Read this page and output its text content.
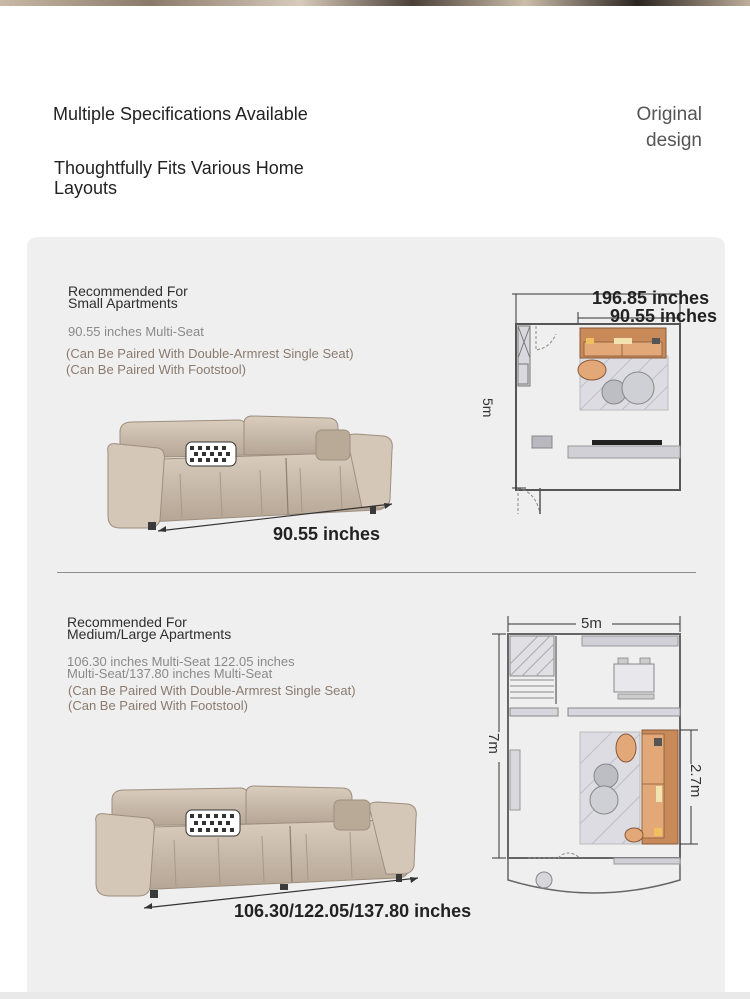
Multiple Specifications Available
Thoughtfully Fits Various Home Layouts
Original
design
Recommended For
Small Apartments
90.55 inches Multi-Seat
(Can Be Paired With Double-Armrest Single Seat)
(Can Be Paired With Footstool)
90.55 inches
196.85 inches
90.55 inches
5m
Recommended For
Medium/Large Apartments
106.30 inches Multi-Seat 122.05 inches
Multi-Seat/137.80 inches Multi-Seat
(Can Be Paired With Double-Armrest Single Seat)
(Can Be Paired With Footstool)
106.30/122.05/137.80 inches
5m
7m
2.7m
